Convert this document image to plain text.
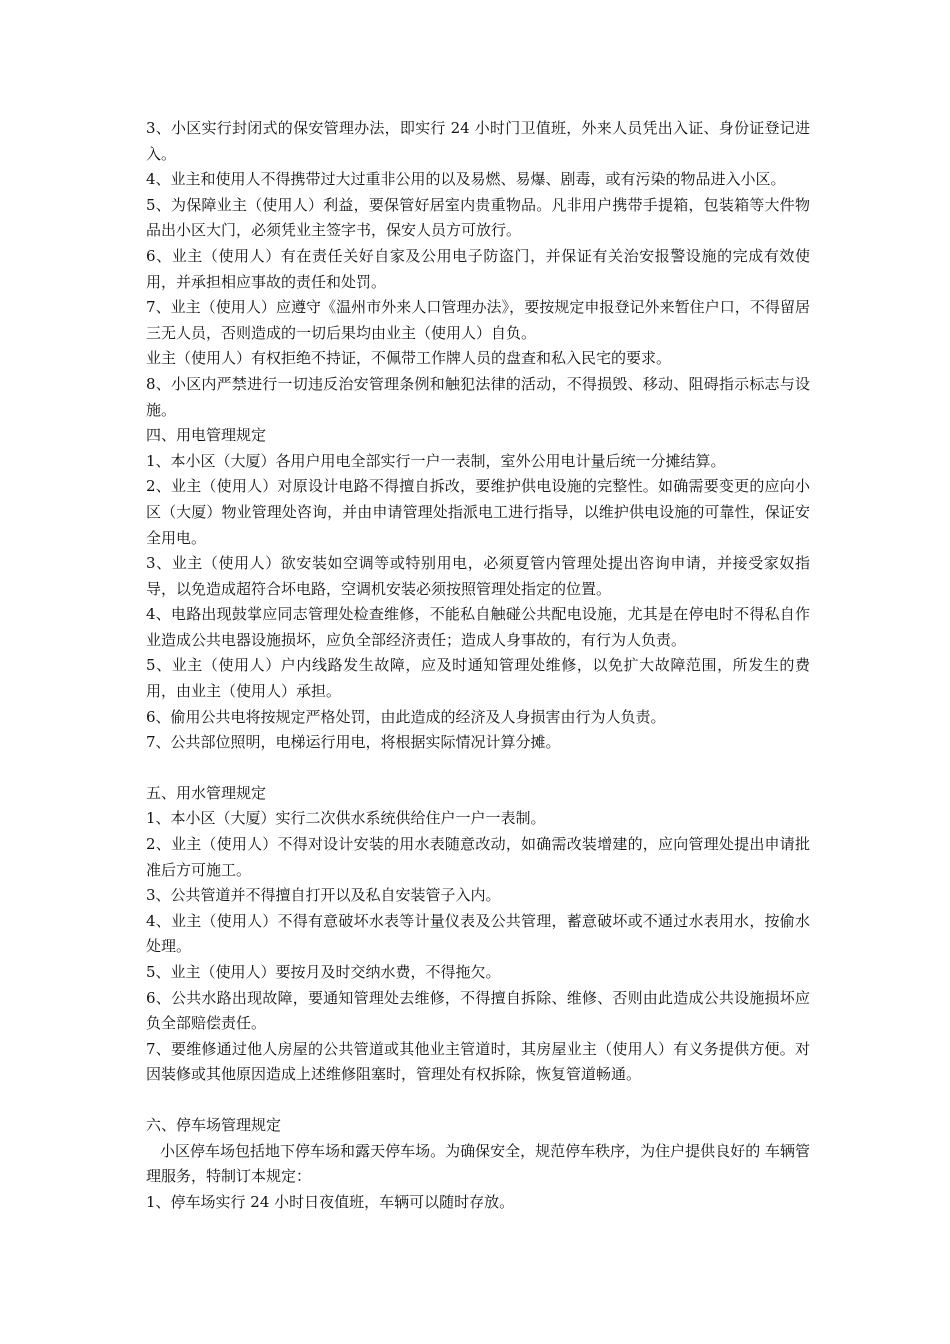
3、小区实行封闭式的保安管理办法，即实行 24 小时门卫值班，外来人员凭出入证、身份证登记进入。

4、业主和使用人不得携带过大过重非公用的以及易燃、易爆、剧毒，或有污染的物品进入小区。

5、为保障业主（使用人）利益，要保管好居室内贵重物品。凡非用户携带手提箱，包装箱等大件物品出小区大门，必须凭业主签字书，保安人员方可放行。

6、业主（使用人）有在责任关好自家及公用电子防盗门，并保证有关治安报警设施的完成有效使用，并承担相应事故的责任和处罚。

7、业主（使用人）应遵守《温州市外来人口管理办法》，要按规定申报登记外来暂住户口，不得留居三无人员，否则造成的一切后果均由业主（使用人）自负。

业主（使用人）有权拒绝不持证，不佩带工作牌人员的盘查和私入民宅的要求。

8、小区内严禁进行一切违反治安管理条例和触犯法律的活动，不得损毁、移动、阻碍指示标志与设施。

四、用电管理规定

1、本小区（大厦）各用户用电全部实行一户一表制，室外公用电计量后统一分摊结算。

2、业主（使用人）对原设计电路不得擅自拆改，要维护供电设施的完整性。如确需要变更的应向小区（大厦）物业管理处咨询，并由申请管理处指派电工进行指导，以维护供电设施的可靠性，保证安全用电。

3、业主（使用人）欲安装如空调等或特别用电，必须夏管内管理处提出咨询申请，并接受家奴指导，以免造成超符合坏电路，空调机安装必须按照管理处指定的位置。

4、电路出现鼓掌应同志管理处检查维修，不能私自触碰公共配电设施，尤其是在停电时不得私自作业造成公共电器设施损坏，应负全部经济责任；造成人身事故的，有行为人负责。

5、业主（使用人）户内线路发生故障，应及时通知管理处维修，以免扩大故障范围，所发生的费用，由业主（使用人）承担。

6、偷用公共电将按规定严格处罚，由此造成的经济及人身损害由行为人负责。

7、公共部位照明，电梯运行用电，将根据实际情况计算分摊。

五、用水管理规定

1、本小区（大厦）实行二次供水系统供给住户一户一表制。

2、业主（使用人）不得对设计安装的用水表随意改动，如确需改装增建的，应向管理处提出申请批准后方可施工。

3、公共管道并不得擅自打开以及私自安装管子入内。

4、业主（使用人）不得有意破坏水表等计量仪表及公共管理，蓄意破坏或不通过水表用水，按偷水处理。

5、业主（使用人）要按月及时交纳水费，不得拖欠。

6、公共水路出现故障，要通知管理处去维修，不得擅自拆除、维修、否则由此造成公共设施损坏应负全部赔偿责任。

7、要维修通过他人房屋的公共管道或其他业主管道时，其房屋业主（使用人）有义务提供方便。对因装修或其他原因造成上述维修阻塞时，管理处有权拆除，恢复管道畅通。

六、停车场管理规定

小区停车场包括地下停车场和露天停车场。为确保安全，规范停车秩序，为住户提供良好的 车辆管理服务，特制订本规定：

1、停车场实行 24 小时日夜值班，车辆可以随时存放。
